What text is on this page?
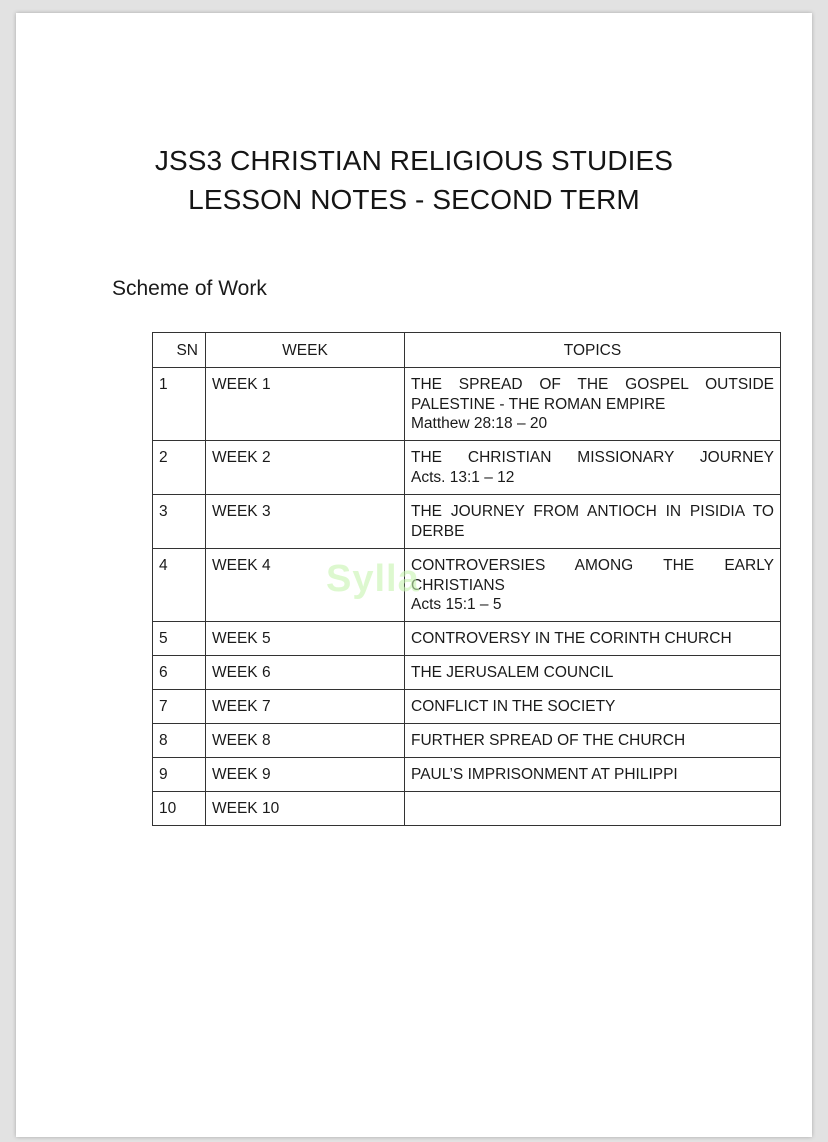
JSS3 CHRISTIAN RELIGIOUS STUDIES
LESSON NOTES - SECOND TERM
Scheme of Work
SN	WEEK	TOPICS
1	WEEK 1	THE SPREAD OF THE GOSPEL OUTSIDE PALESTINE - THE ROMAN EMPIRE
Matthew 28:18 – 20

2	WEEK 2	THE CHRISTIAN MISSIONARY JOURNEY
Acts. 13:1 – 12

3	WEEK 3	THE JOURNEY FROM ANTIOCH IN PISIDIA TO DERBE

4	WEEK 4	CONTROVERSIES AMONG THE EARLY CHRISTIANS
Acts 15:1 – 5

5	WEEK 5	CONTROVERSY IN THE CORINTH CHURCH
6	WEEK 6	THE JERUSALEM COUNCIL
7	WEEK 7	CONFLICT IN THE SOCIETY
8	WEEK 8	FURTHER SPREAD OF THE CHURCH
9	WEEK 9	PAUL’S IMPRISONMENT AT PHILIPPI
10	WEEK 10	
Sylla
